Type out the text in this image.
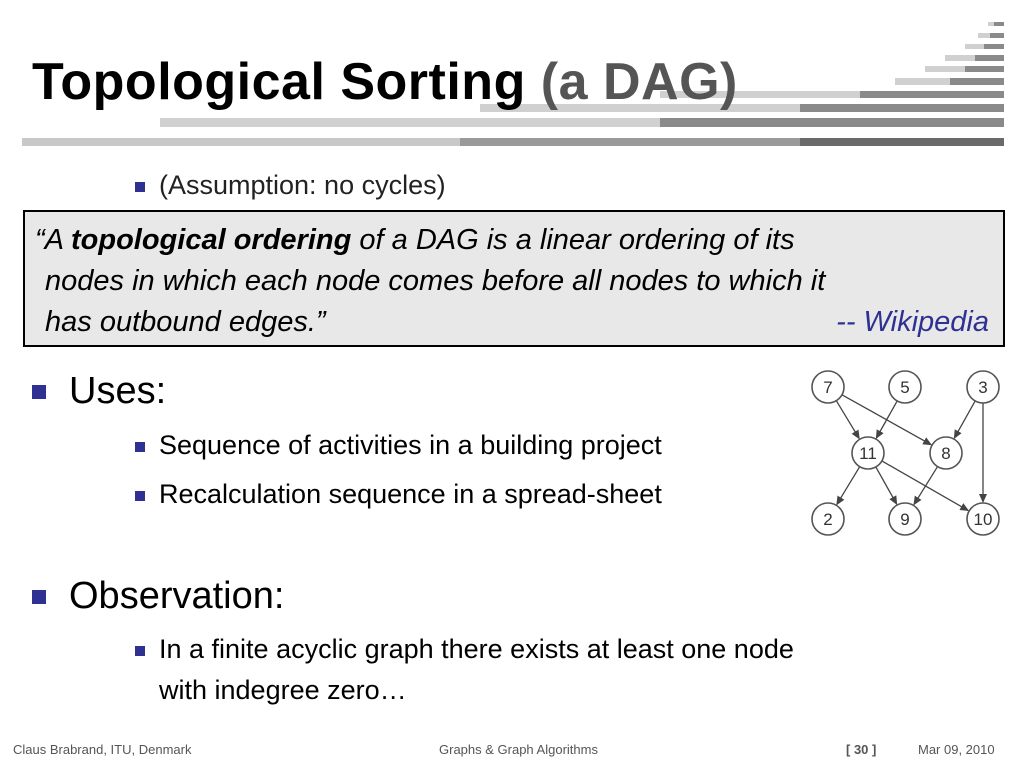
Topological Sorting (a DAG)
(Assumption: no cycles)
“A topological ordering of a DAG is a linear ordering of its
nodes in which each node comes before all nodes to which it
has outbound edges.”	-- Wikipedia
Uses:
Sequence of activities in a building project
Recalculation sequence in a spread-sheet
Observation:
In a finite acyclic graph there exists at least one node
with indegree zero…
7	5	3
11	8
2	9	10
Claus Brabrand, ITU, Denmark	Graphs & Graph Algorithms	[ 30 ]	Mar 09, 2010
